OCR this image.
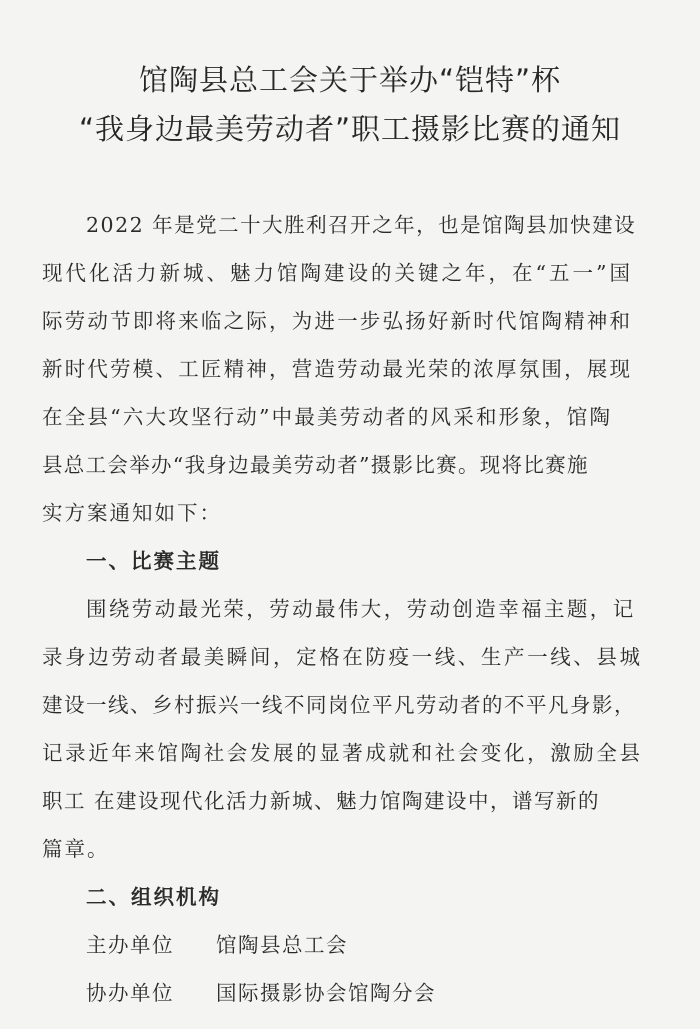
馆陶县总工会关于举办“铠特”杯
“我身边最美劳动者”职工摄影比赛的通知
2022 年是党二十大胜利召开之年，也是馆陶县加快建设
现代化活力新城、魅力馆陶建设的关键之年，在“五一”国
际劳动节即将来临之际，为进一步弘扬好新时代馆陶精神和
新时代劳模、工匠精神，营造劳动最光荣的浓厚氛围，展现
在全县“六大攻坚行动”中最美劳动者的风采和形象，馆陶
县总工会举办“我身边最美劳动者”摄影比赛。现将比赛施
实方案通知如下：
一、比赛主题
围绕劳动最光荣，劳动最伟大，劳动创造幸福主题，记
录身边劳动者最美瞬间，定格在防疫一线、生产一线、县城
建设一线、乡村振兴一线不同岗位平凡劳动者的不平凡身影，
记录近年来馆陶社会发展的显著成就和社会变化，激励全县
职工 在建设现代化活力新城、魅力馆陶建设中，谱写新的
篇章。
二、组织机构
主办单位 馆陶县总工会
协办单位 国际摄影协会馆陶分会
